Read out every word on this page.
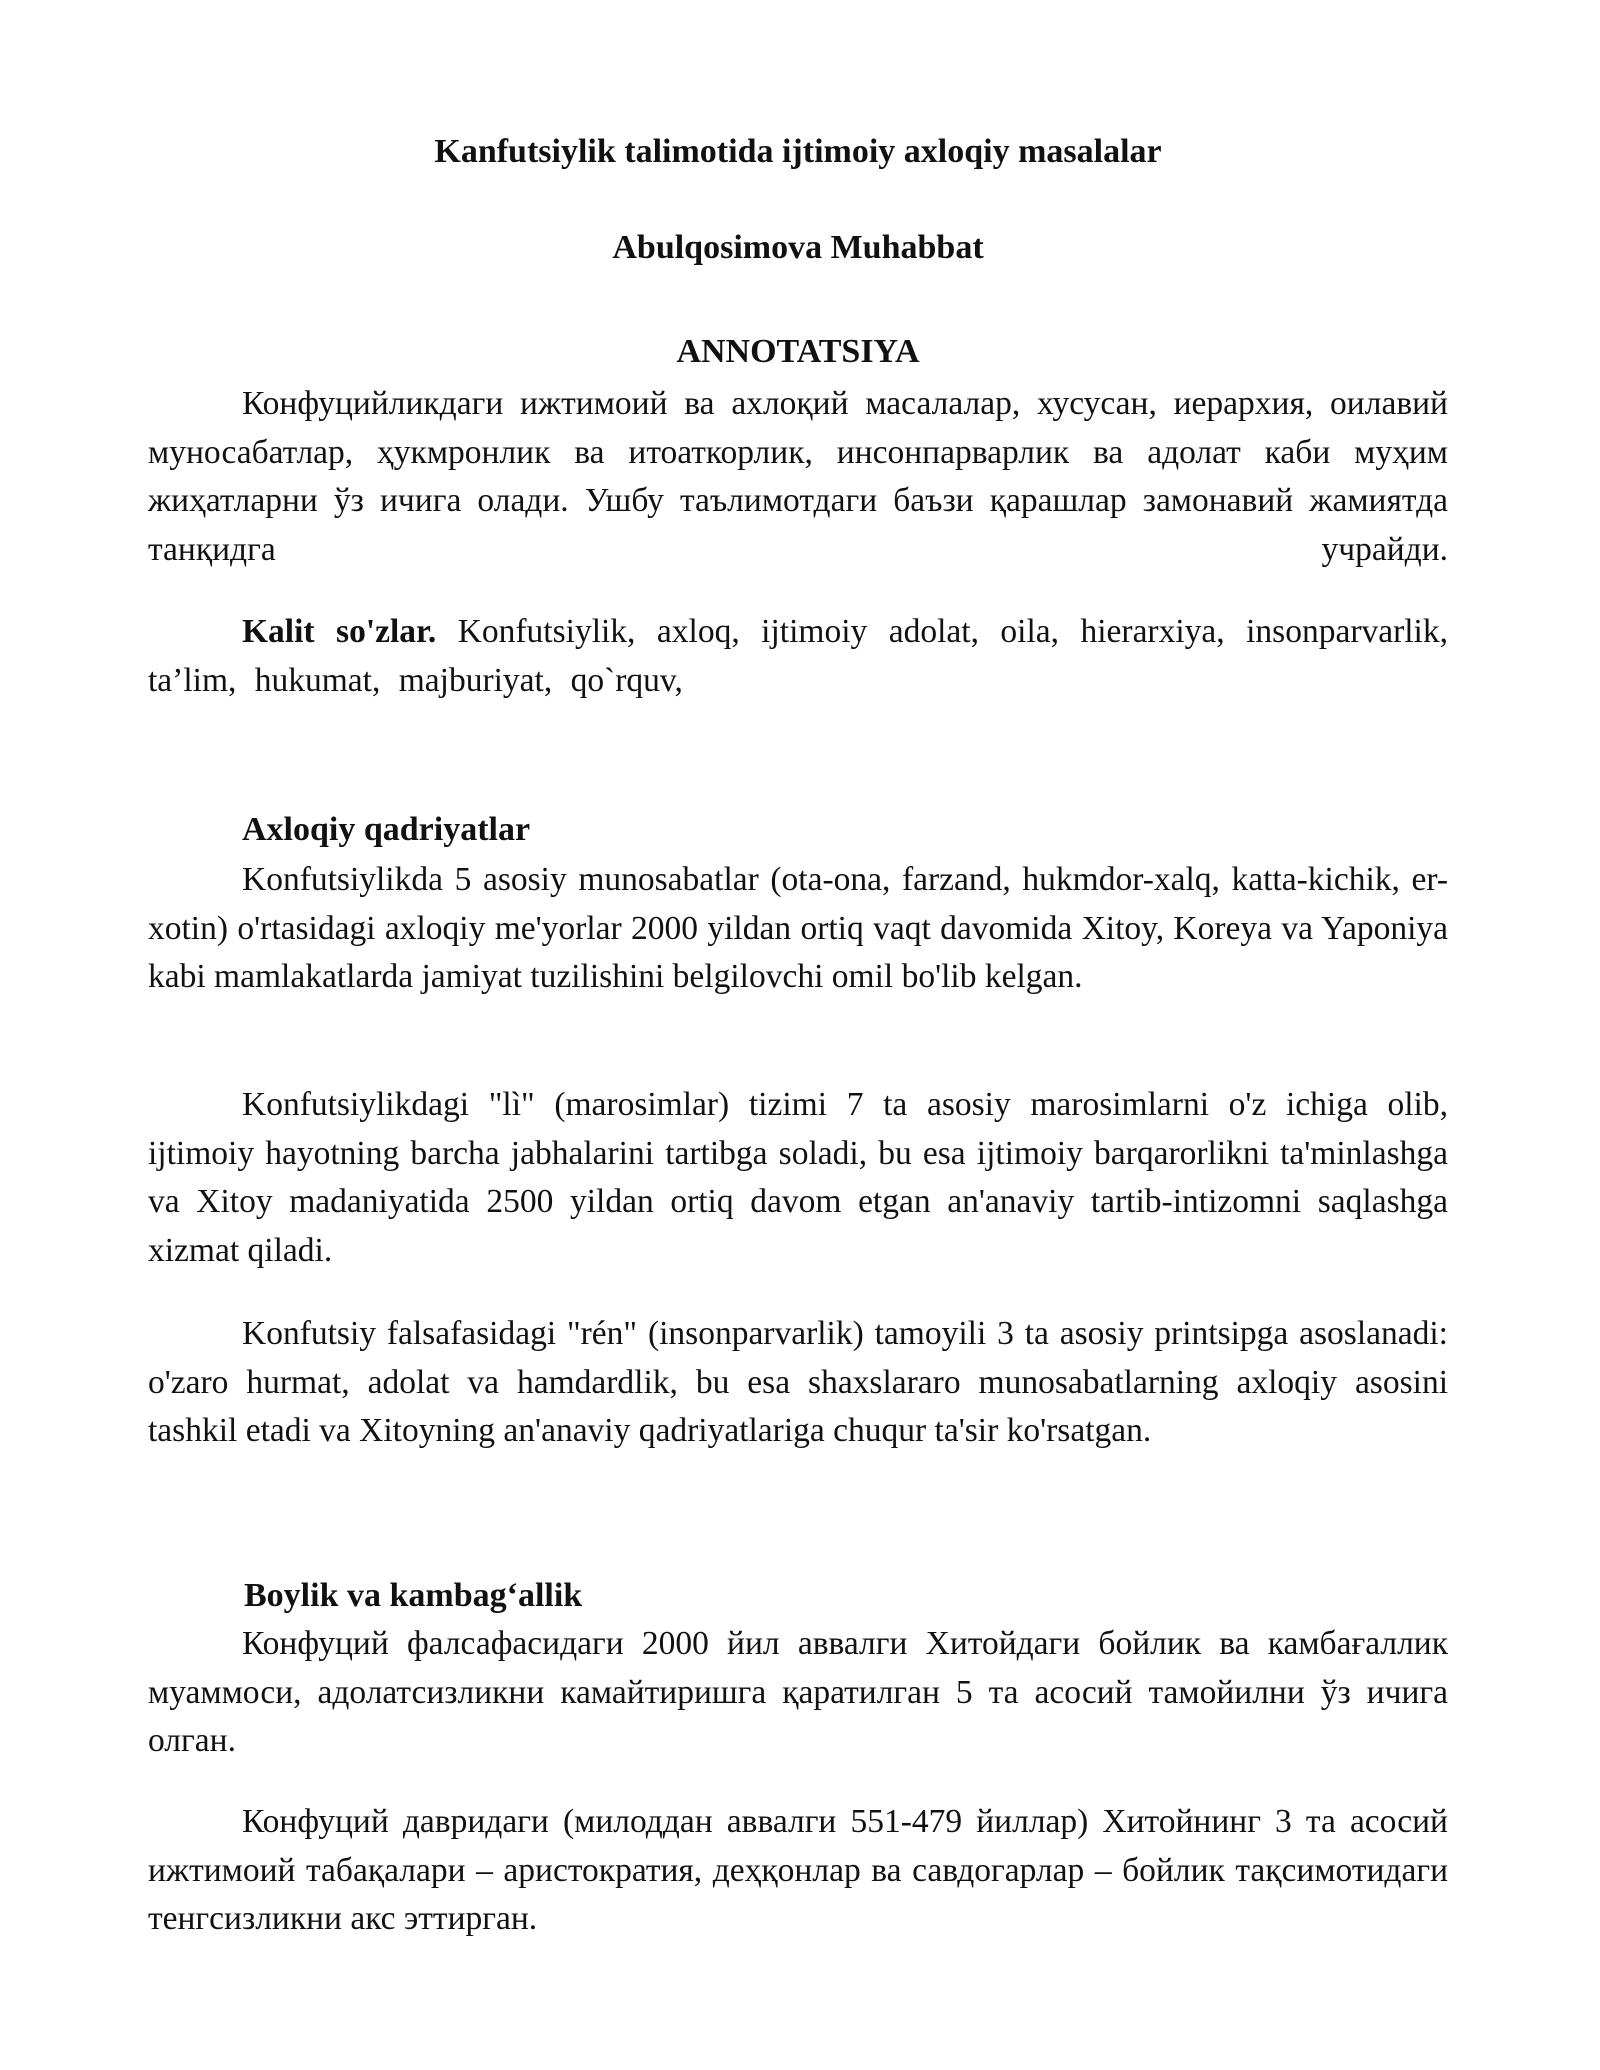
Kanfutsiylik talimotida ijtimoiy axloqiy masalalar
Abulqosimova Muhabbat
ANNOTATSIYA
Конфуцийликдаги ижтимоий ва ахлоқий масалалар, хусусан, иерархия, оилавий муносабатлар, ҳукмронлик ва итоаткорлик, инсонпарварлик ва адолат каби муҳим жиҳатларни ўз ичига олади. Ушбу таълимотдаги баъзи қарашлар замонавий жамиятда танқидга учрайди.
Kalit so'zlar. Konfutsiylik, axloq, ijtimoiy adolat, oila, hierarxiya, insonparvarlik, ta’lim, hukumat, majburiyat, qo`rquv,
Axloqiy qadriyatlar
Konfutsiylikda 5 asosiy munosabatlar (ota-ona, farzand, hukmdor-xalq, katta-kichik, er-xotin) o'rtasidagi axloqiy me'yorlar 2000 yildan ortiq vaqt davomida Xitoy, Koreya va Yaponiya kabi mamlakatlarda jamiyat tuzilishini belgilovchi omil bo'lib kelgan.
Konfutsiylikdagi "lì" (marosimlar) tizimi 7 ta asosiy marosimlarni o'z ichiga olib, ijtimoiy hayotning barcha jabhalarini tartibga soladi, bu esa ijtimoiy barqarorlikni ta'minlashga va Xitoy madaniyatida 2500 yildan ortiq davom etgan an'anaviy tartib-intizomni saqlashga xizmat qiladi.
Konfutsiy falsafasidagi "rén" (insonparvarlik) tamoyili 3 ta asosiy printsipga asoslanadi: o'zaro hurmat, adolat va hamdardlik, bu esa shaxslararo munosabatlarning axloqiy asosini tashkil etadi va Xitoyning an'anaviy qadriyatlariga chuqur ta'sir ko'rsatgan.
Boylik va kambag‘allik
Конфуций фалсафасидаги 2000 йил аввалги Хитойдаги бойлик ва камбағаллик муаммоси, адолатсизликни камайтиришга қаратилган 5 та асосий тамойилни ўз ичига олган.
Конфуций давридаги (милоддан аввалги 551-479 йиллар) Хитойнинг 3 та асосий ижтимоий табақалари – аристократия, деҳқонлар ва савдогарлар – бойлик тақсимотидаги тенгсизликни акс эттирган.
